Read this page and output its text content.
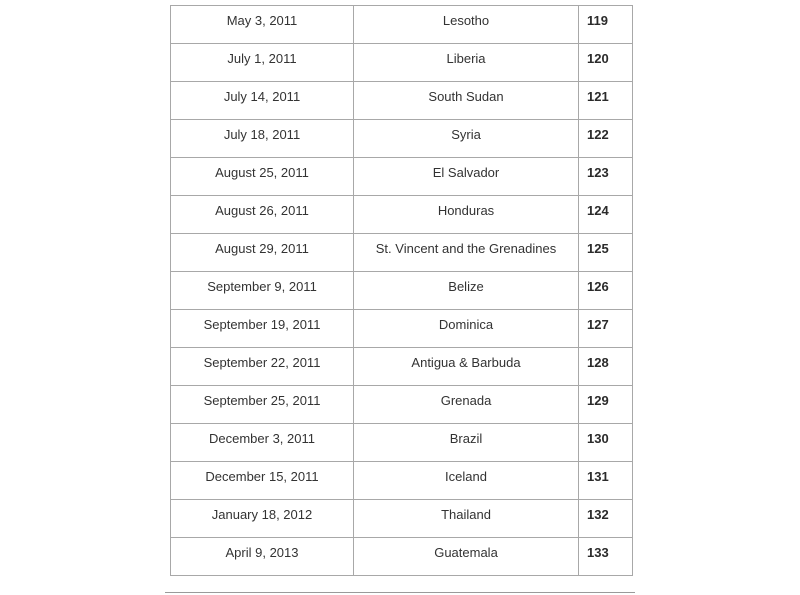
May 3, 2011	Lesotho	119
July 1, 2011	Liberia	120
July 14, 2011	South Sudan	121
July 18, 2011	Syria	122
August 25, 2011	El Salvador	123
August 26, 2011	Honduras	124
August 29, 2011	St. Vincent and the Grenadines	125
September 9, 2011	Belize	126
September 19, 2011	Dominica	127
September 22, 2011	Antigua & Barbuda	128
September 25, 2011	Grenada	129
December 3, 2011	Brazil	130
December 15, 2011	Iceland	131
January 18, 2012	Thailand	132
April 9, 2013	Guatemala	133
